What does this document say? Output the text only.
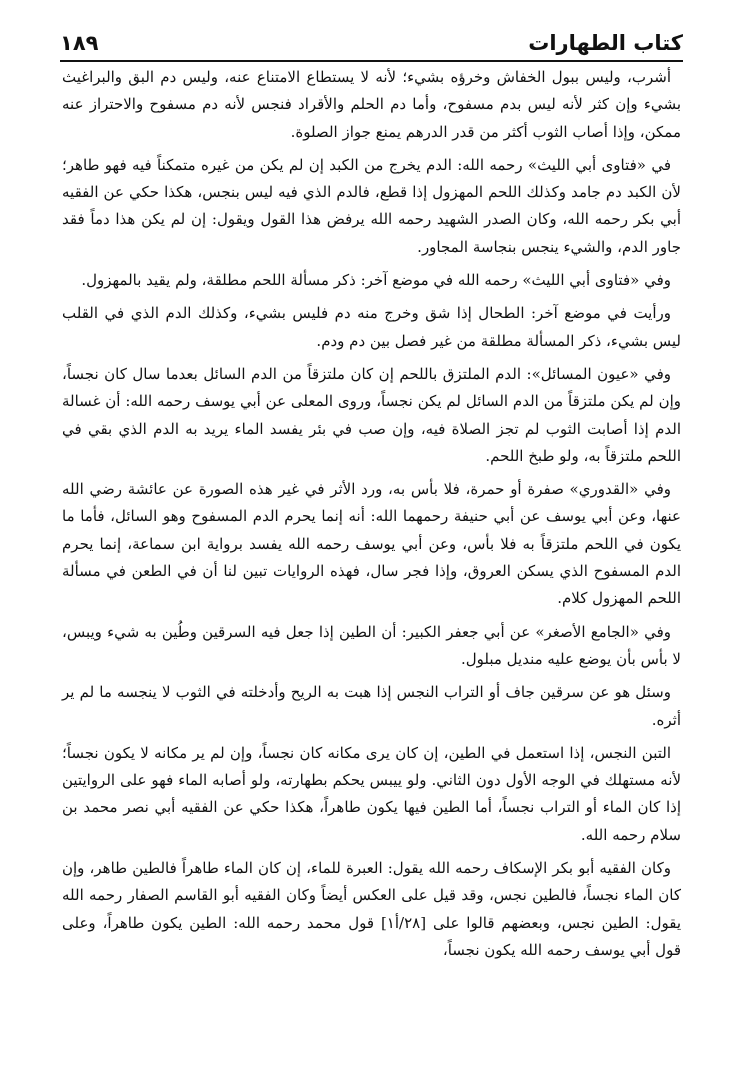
كتاب الطهارات
١٨٩

أشرب، وليس ببول الخفاش وخرؤه بشيء؛ لأنه لا يستطاع الامتناع عنه، وليس دم البق والبراغيث بشيء وإن كثر لأنه ليس بدم مسفوح، وأما دم الحلم والأقراد فنجس لأنه دم مسفوح والاحتراز عنه ممكن، وإذا أصاب الثوب أكثر من قدر الدرهم يمنع جواز الصلوة.

في «فتاوى أبي الليث» رحمه الله: الدم يخرج من الكبد إن لم يكن من غيره متمكناً فيه فهو طاهر؛ لأن الكبد دم جامد وكذلك اللحم المهزول إذا قطع، فالدم الذي فيه ليس بنجس، هكذا حكي عن الفقيه أبي بكر رحمه الله، وكان الصدر الشهيد رحمه الله يرفض هذا القول ويقول: إن لم يكن هذا دماً فقد جاور الدم، والشيء ينجس بنجاسة المجاور.

وفي «فتاوى أبي الليث» رحمه الله في موضع آخر: ذكر مسألة اللحم مطلقة، ولم يقيد بالمهزول.

ورأيت في موضع آخر: الطحال إذا شق وخرج منه دم فليس بشيء، وكذلك الدم الذي في القلب ليس بشيء، ذكر المسألة مطلقة من غير فصل بين دم ودم.

وفي «عيون المسائل»: الدم الملتزق باللحم إن كان ملتزقاً من الدم السائل بعدما سال كان نجساً، وإن لم يكن ملتزقاً من الدم السائل لم يكن نجساً، وروى المعلى عن أبي يوسف رحمه الله: أن غسالة الدم إذا أصابت الثوب لم تجز الصلاة فيه، وإن صب في بئر يفسد الماء يريد به الدم الذي بقي في اللحم ملتزقاً به، ولو طبخ اللحم.

وفي «القدوري» صفرة أو حمرة، فلا بأس به، ورد الأثر في غير هذه الصورة عن عائشة رضي الله عنها، وعن أبي يوسف عن أبي حنيفة رحمهما الله: أنه إنما يحرم الدم المسفوح وهو السائل، فأما ما يكون في اللحم ملتزقاً به فلا بأس، وعن أبي يوسف رحمه الله يفسد برواية ابن سماعة، إنما يحرم الدم المسفوح الذي يسكن العروق، وإذا فجر سال، فهذه الروايات تبين لنا أن في الطعن في مسألة اللحم المهزول كلام.

وفي «الجامع الأصغر» عن أبي جعفر الكبير: أن الطين إذا جعل فيه السرقين وطُين به شيء ويبس، لا بأس بأن يوضع عليه منديل مبلول.

وسئل هو عن سرقين جاف أو التراب النجس إذا هبت به الريح وأدخلته في الثوب لا ينجسه ما لم ير أثره.

التبن النجس، إذا استعمل في الطين، إن كان يرى مكانه كان نجساً، وإن لم ير مكانه لا يكون نجساً؛ لأنه مستهلك في الوجه الأول دون الثاني. ولو ييبس يحكم بطهارته، ولو أصابه الماء فهو على الروايتين إذا كان الماء أو التراب نجساً، أما الطين فيها يكون طاهراً، هكذا حكي عن الفقيه أبي نصر محمد بن سلام رحمه الله.

وكان الفقيه أبو بكر الإسكاف رحمه الله يقول: العبرة للماء، إن كان الماء طاهراً فالطين طاهر، وإن كان الماء نجساً، فالطين نجس، وقد قيل على العكس أيضاً وكان الفقيه أبو القاسم الصفار رحمه الله يقول: الطين نجس، وبعضهم قالوا على [٢٨/أ١] قول محمد رحمه الله: الطين يكون طاهراً، وعلى قول أبي يوسف رحمه الله يكون نجساً،
